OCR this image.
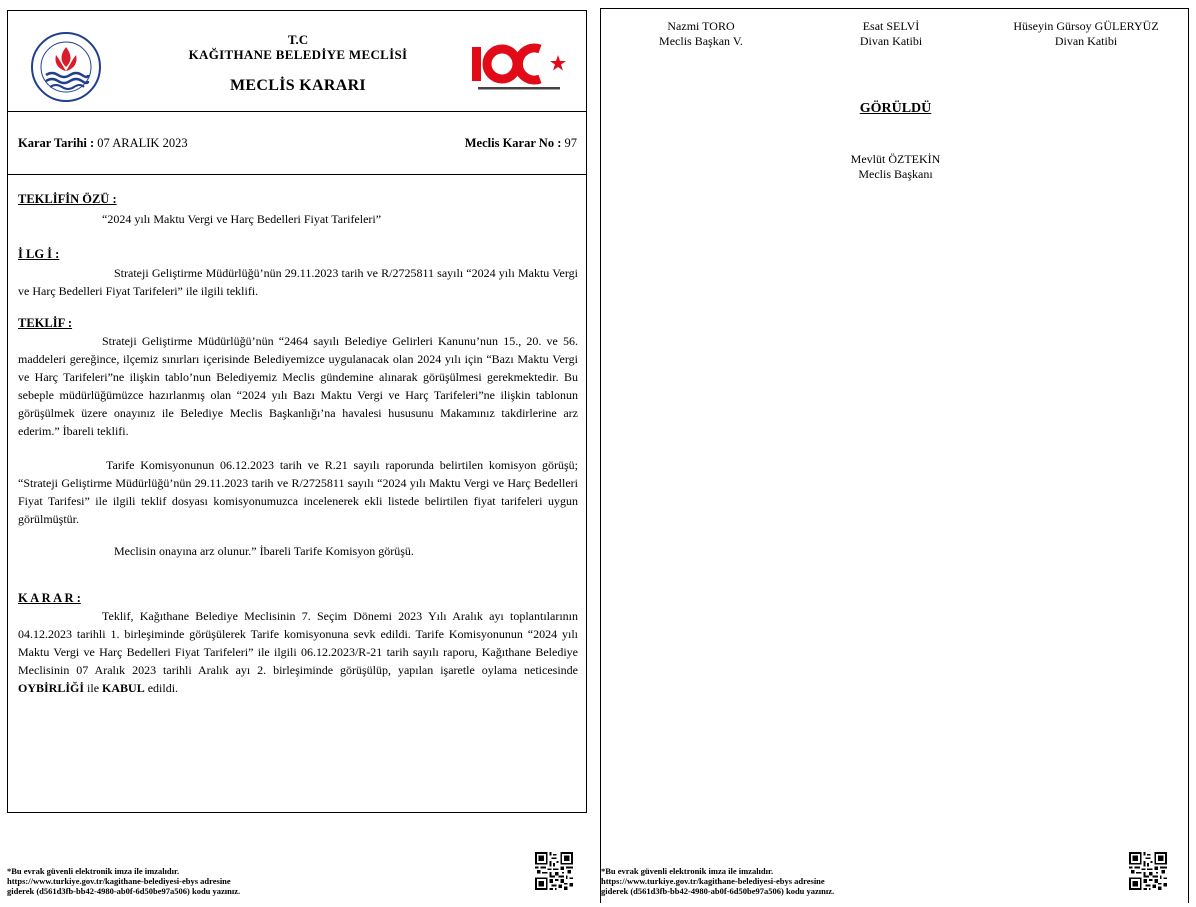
T.C
KAĞITHANE BELEDİYE MECLİSİ
MECLİS KARARI
Karar Tarihi : 07 ARALIK 2023	Meclis Karar No : 97
TEKLİFİN ÖZÜ :
“2024 yılı Maktu Vergi ve Harç Bedelleri Fiyat Tarifeleri”
İ LG İ :
Strateji Geliştirme Müdürlüğü’nün 29.11.2023 tarih ve R/2725811 sayılı “2024 yılı Maktu Vergi ve Harç Bedelleri Fiyat Tarifeleri” ile ilgili teklifi.
TEKLİF :
Strateji Geliştirme Müdürlüğü’nün “2464 sayılı Belediye Gelirleri Kanunu’nun 15., 20. ve 56. maddeleri gereğince, ilçemiz sınırları içerisinde Belediyemizce uygulanacak olan 2024 yılı için “Bazı Maktu Vergi ve Harç Tarifeleri”ne ilişkin tablo’nun Belediyemiz Meclis gündemine alınarak görüşülmesi gerekmektedir. Bu sebeple müdürlüğümüzce hazırlanmış olan “2024 yılı Bazı Maktu Vergi ve Harç Tarifeleri”ne ilişkin tablonun görüşülmek üzere onayınız ile Belediye Meclis Başkanlığı’na havalesi hususunu Makamınız takdirlerine arz ederim.” İbareli teklifi.
Tarife Komisyonunun 06.12.2023 tarih ve R.21 sayılı raporunda belirtilen komisyon görüşü; “Strateji Geliştirme Müdürlüğü’nün 29.11.2023 tarih ve R/2725811 sayılı “2024 yılı Maktu Vergi ve Harç Bedelleri Fiyat Tarifesi” ile ilgili teklif dosyası komisyonumuzca incelenerek ekli listede belirtilen fiyat tarifeleri uygun görülmüştür.
Meclisin onayına arz olunur.” İbareli Tarife Komisyon görüşü.
K A R A R :
Teklif, Kağıthane Belediye Meclisinin 7. Seçim Dönemi 2023 Yılı Aralık ayı toplantılarının 04.12.2023 tarihli 1. birleşiminde görüşülerek Tarife komisyonuna sevk edildi. Tarife Komisyonunun “2024 yılı Maktu Vergi ve Harç Bedelleri Fiyat Tarifeleri” ile ilgili 06.12.2023/R-21 tarih sayılı raporu, Kağıthane Belediye Meclisinin 07 Aralık 2023 tarihli Aralık ayı 2. birleşiminde görüşülüp, yapılan işaretle oylama neticesinde OYBİRLİĞİ ile KABUL edildi.
*Bu evrak güvenli elektronik imza ile imzalıdır.
https://www.turkiye.gov.tr/kagithane-belediyesi-ebys adresine
giderek (d561d3fb-bb42-4980-ab0f-6d50be97a506) kodu yazınız.
Nazmi TORO
Meclis Başkan V.
Esat SELVİ
Divan Katibi
Hüseyin Gürsoy GÜLERYÜZ
Divan Katibi
GÖRÜLDÜ
Mevlüt ÖZTEKİN
Meclis Başkanı
*Bu evrak güvenli elektronik imza ile imzalıdır.
https://www.turkiye.gov.tr/kagithane-belediyesi-ebys adresine
giderek (d561d3fb-bb42-4980-ab0f-6d50be97a506) kodu yazınız.
